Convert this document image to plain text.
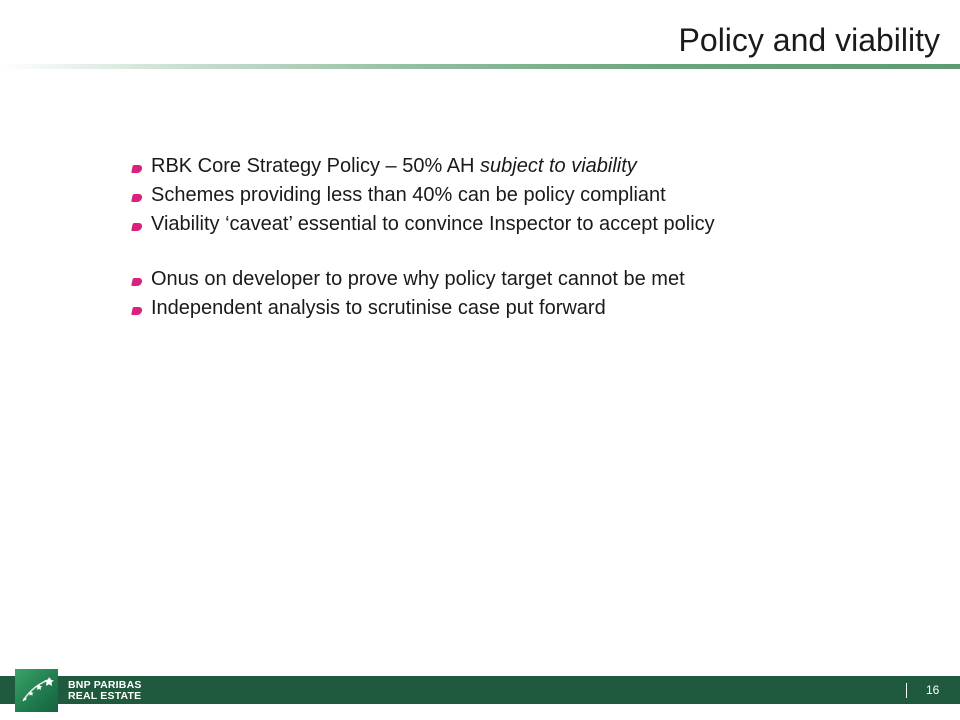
Policy and viability
RBK Core Strategy Policy – 50% AH subject to viability
Schemes providing less than 40% can be policy compliant
Viability ‘caveat’ essential to convince Inspector to accept policy
Onus on developer to prove why policy target cannot be met
Independent analysis to scrutinise case put forward
BNP PARIBAS
REAL ESTATE	16
